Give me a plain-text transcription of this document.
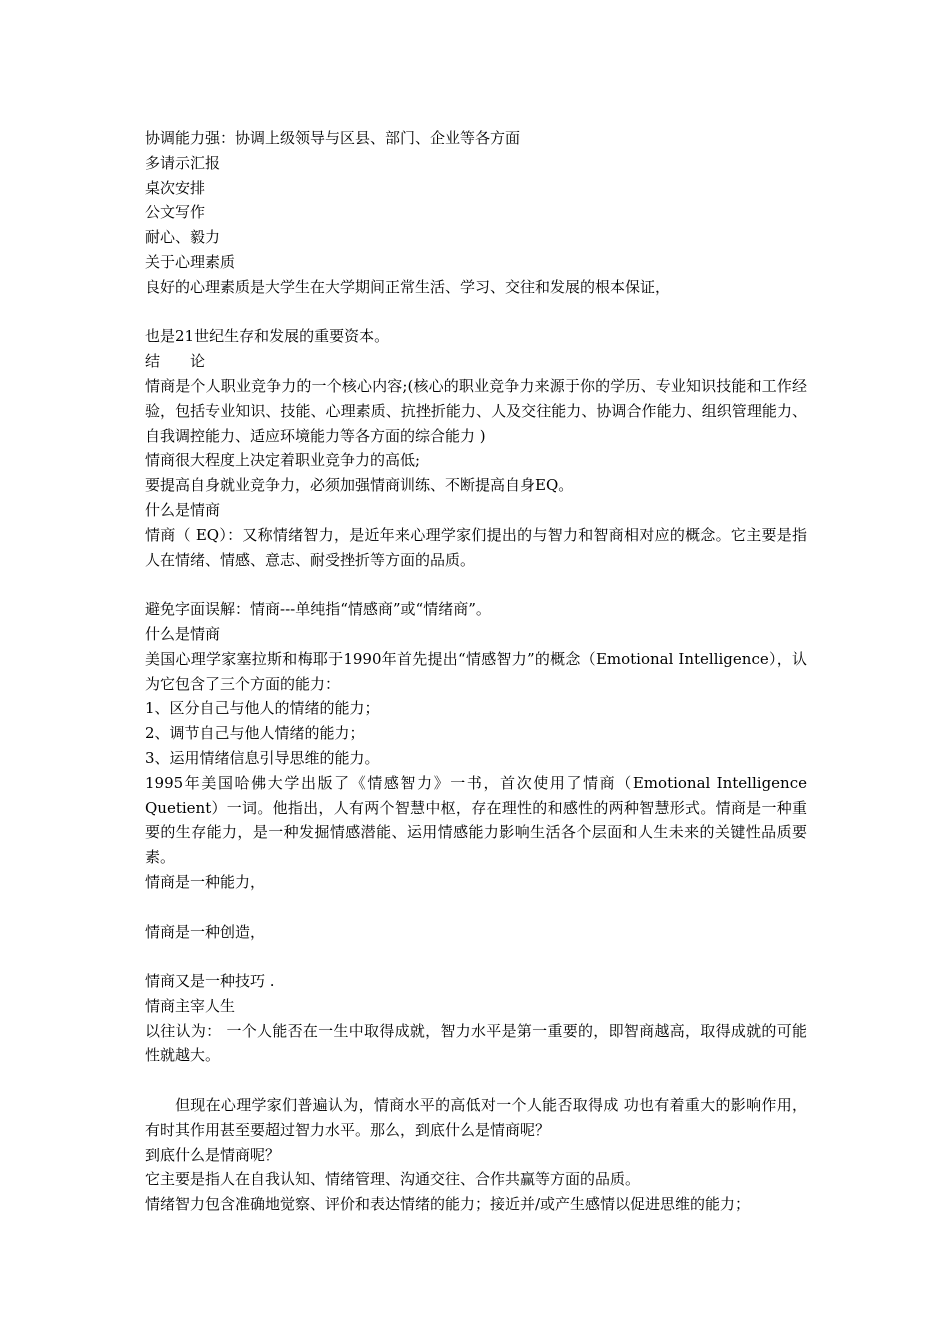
协调能力强：协调上级领导与区县、部门、企业等各方面

多请示汇报

桌次安排

公文写作

耐心、毅力

关于心理素质

良好的心理素质是大学生在大学期间正常生活、学习、交往和发展的根本保证，

也是21世纪生存和发展的重要资本。

结　　论

情商是个人职业竞争力的一个核心内容;(核心的职业竞争力来源于你的学历、专业知识技能和工作经验，包括专业知识、技能、心理素质、抗挫折能力、人及交往能力、协调合作能力、组织管理能力、自我调控能力、适应环境能力等各方面的综合能力 )

情商很大程度上决定着职业竞争力的高低;

要提高自身就业竞争力，必须加强情商训练、不断提高自身EQ。

什么是情商

情商（ EQ）：又称情绪智力，是近年来心理学家们提出的与智力和智商相对应的概念。它主要是指人在情绪、情感、意志、耐受挫折等方面的品质。

避免字面误解：情商---单纯指“情感商”或“情绪商”。

什么是情商

美国心理学家塞拉斯和梅耶于1990年首先提出“情感智力”的概念（Emotional Intelligence），认为它包含了三个方面的能力：

1、区分自己与他人的情绪的能力；

2、调节自己与他人情绪的能力；

3、运用情绪信息引导思维的能力。

1995年美国哈佛大学出版了《情感智力》一书，首次使用了情商（Emotional Intelligence Quetient）一词。他指出，人有两个智慧中枢，存在理性的和感性的两种智慧形式。情商是一种重要的生存能力，是一种发掘情感潜能、运用情感能力影响生活各个层面和人生未来的关键性品质要素。

情商是一种能力，

情商是一种创造，

情商又是一种技巧 .

情商主宰人生

以往认为： 一个人能否在一生中取得成就，智力水平是第一重要的，即智商越高，取得成就的可能性就越大。

但现在心理学家们普遍认为，情商水平的高低对一个人能否取得成 功也有着重大的影响作用，有时其作用甚至要超过智力水平。那么，到底什么是情商呢？

到底什么是情商呢？

它主要是指人在自我认知、情绪管理、沟通交往、合作共赢等方面的品质。

情绪智力包含准确地觉察、评价和表达情绪的能力；接近并/或产生感情以促进思维的能力；
